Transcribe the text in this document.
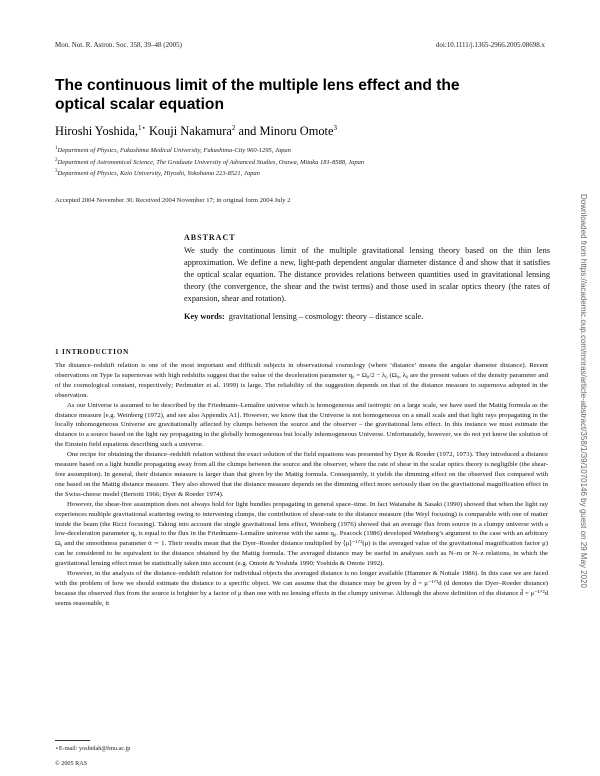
Mon. Not. R. Astron. Soc. 358, 39–48 (2005)	doi:10.1111/j.1365-2966.2005.08698.x
The continuous limit of the multiple lens effect and the optical scalar equation
Hiroshi Yoshida,$^{1⋆}$ Kouji Nakamura$^2$ and Minoru Omote$^3$
$^1$Department of Physics, Fukushima Medical University, Fukushima-City 960-1295, Japan
$^2$Department of Astronomical Science, The Graduate University of Advanced Studies, Osawa, Mitaka 181-8588, Japan
$^3$Department of Physics, Keio University, Hiyoshi, Yokohama 223-8521, Japan
Accepted 2004 November 30. Received 2004 November 17; in original form 2004 July 2
ABSTRACT
We study the continuous limit of the multiple gravitational lensing theory based on the thin lens approximation. We define a new, light-path dependent angular diameter distance d̃ and show that it satisfies the optical scalar equation. The distance provides relations between quantities used in gravitational lensing theory (the convergence, the shear and the twist terms) and those used in scalar optics theory (the rates of expansion, shear and rotation).
Key words: gravitational lensing – cosmology: theory – distance scale.
1 INTRODUCTION

The distance–redshift relation is one of the most important and difficult subjects in observational cosmology (where ‘distance’ means the angular diameter distance). Recent observations on Type Ia supernovae with high redshifts suggest that the value of the deceleration parameter q₀ = Ω₀/2 − λ₀ (Ω₀, λ₀ are the present values of the density parameter and of the cosmological constant, respectively; Perlmutter et al. 1999) is large. The reliability of the suggestion depends on that of the distance measure to supernova adopted in the observation.

As our Universe is assumed to be described by the Friedmann–Lemaître universe which is homogeneous and isotropic on a large scale, we have used the Mattig formula as the distance measure [e.g. Weinberg (1972), and see also Appendix A1]. However, we know that the Universe is not homogeneous on a small scale and that light rays propagating in the locally inhomogeneous Universe are gravitationally affected by clumps between the source and the observer – the gravitational lens effect. In this instance we must estimate the distance to a source based on the light ray propagating in the globally homogeneous but locally inhomogeneous Universe. Unfortunately, however, we do not yet know the solution of the Einstein field equations describing such a universe.

One recipe for obtaining the distance–redshift relation without the exact solution of the field equations was presented by Dyer & Roeder (1972, 1973). They introduced a distance measure based on a light bundle propagating away from all the clumps between the source and the observer, where the rate of shear in the scalar optics theory is negligible (the shear-free assumption). In general, their distance measure is larger than that given by the Mattig formula. Consequently, it yields the dimming effect on the observed flux compared with one based on the Mattig distance measure. They also showed that the distance measure depends on the dimming effect more seriously than on the gravitational magnification effect in the Swiss-cheese model (Bertotti 1966; Dyer & Roeder 1974).

However, the shear-free assumption does not always hold for light bundles propagating in general space–time. In fact Watanabe & Sasaki (1990) showed that when the light ray experiences multiple gravitational scattering owing to intervening clumps, the contribution of shear-rate to the distance measure (the Weyl focusing) is comparable with one of matter inside the beam (the Ricci focusing). Taking into account the single gravitational lens effect, Weinberg (1976) showed that an average flux from source in a clumpy universe with a low-deceleration parameter q₀ is equal to the flux in the Friedmann–Lemaître universe with the same q₀. Peacock (1986) developed Weinberg’s argument to the case with an arbitrary Ω₀ and the smoothness parameter ᾱ ∼ 1. Their results mean that the Dyer–Roeder distance multiplied by ⟨μ⟩⁻¹ᐟ²(μ) is the averaged value of the gravitational magnification factor μ) can be considered to be equivalent to the distance obtained by the Mattig formula. The averaged distance may be useful in analyses such as N–m or N–z relations, in which the gravitational lensing effect must be statistically taken into account (e.g. Omote & Yoshida 1990; Yoshida & Omote 1992).

However, in the analysis of the distance–redshift relation for individual objects the averaged distance is no longer available (Hammer & Nottale 1986). In this case we are faced with the problem of how we should estimate the distance to a specific object. We can assume that the distance may be given by d̃ = μ⁻¹ᐟ²d (d denotes the Dyer–Roeder distance) because the observed flux from the source is brighter by a factor of μ than one with no lensing effects in the clumpy universe. Although the above definition of the distance d̃ = μ⁻¹ᐟ²d seems reasonable, it

⋆E-mail: yoshidah@fmu.ac.jp
© 2005 RAS
Downloaded from https://academic.oup.com/mnras/article-abstract/358/1/39/1070146 by guest on 29 May 2020
